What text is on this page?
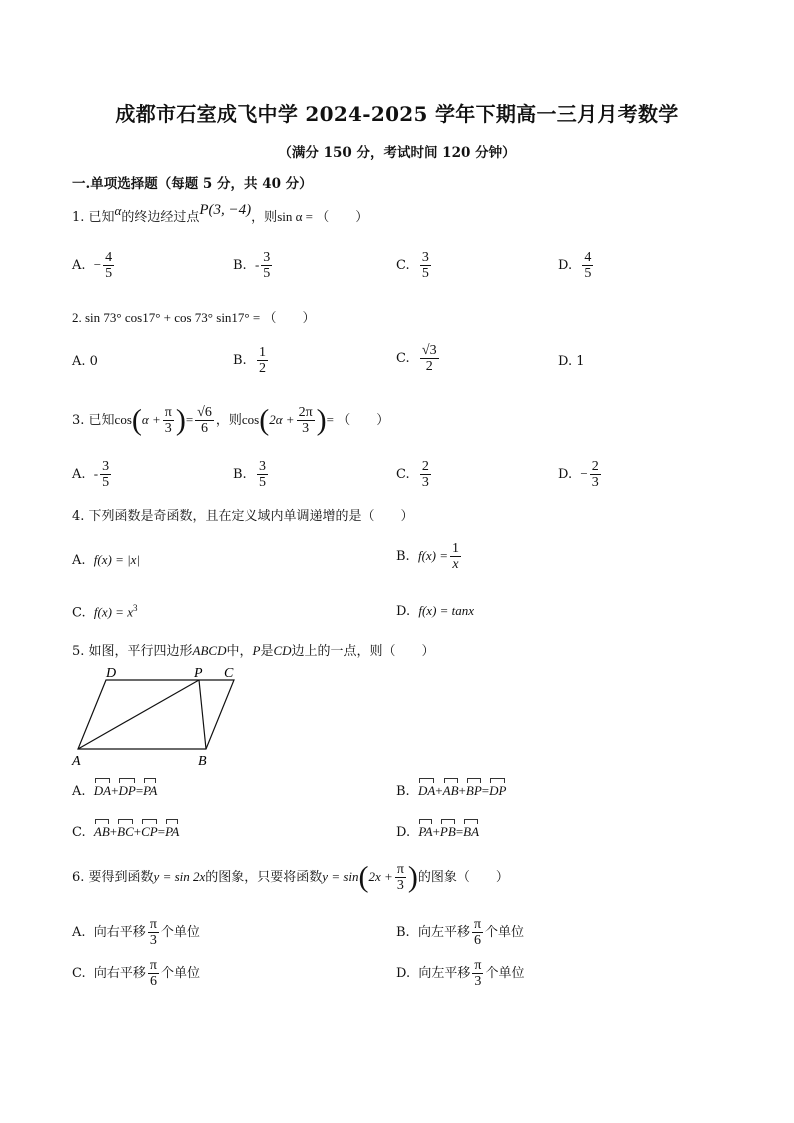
成都市石室成飞中学 2024-2025 学年下期高一三月月考数学
（满分 150 分，考试时间 120 分钟）
一.单项选择题（每题 5 分，共 40 分）
1. 已知α的终边经过点P(3, −4)，则sin α = （　　）
A. − $\frac{4}{5}$	B. - $\frac{3}{5}$	C. $\frac{3}{5}$	D. $\frac{4}{5}$
2. sin 73° cos17° + cos 73° sin17° = （　　）
A. 0	B. $\frac{1}{2}$	C. $\frac{√3}{2}$	D. 1
3. 已知$\cos(\alpha + \frac{\pi}{3}$ )= $\frac{√6}{6}$ ，则$\cos(2\alpha + \frac{2\pi}{3}$ )= （　　）
A. - $\frac{3}{5}$	B. $\frac{3}{5}$	C. $\frac{2}{3}$	D. − $\frac{2}{3}$
4. 下列函数是奇函数，且在定义域内单调递增的是（　　）
A. f(x) = |x|	B. $f(x) = \frac{1}{x}$
C. $f(x) = x^3$	D. f(x) = tanx
5. 如图，平行四边形ABCD中，P是CD边上的一点，则（　　）
D	P C
A	B
A. DA+DP=PA	B. DA+AB+BP=DP
C. AB+BC+CP=PA	D. PA+PB=BA
6. 要得到函数y = sin 2x的图象，只要将函数$y = \sin(2x + \frac{\pi}{3}$ )的图象（　　）
A. 向右平移 $\frac{\pi}{3}$ 个单位	B. 向左平移 $\frac{\pi}{6}$ 个单位
C. 向右平移 $\frac{\pi}{6}$ 个单位	D. 向左平移 $\frac{\pi}{3}$ 个单位
